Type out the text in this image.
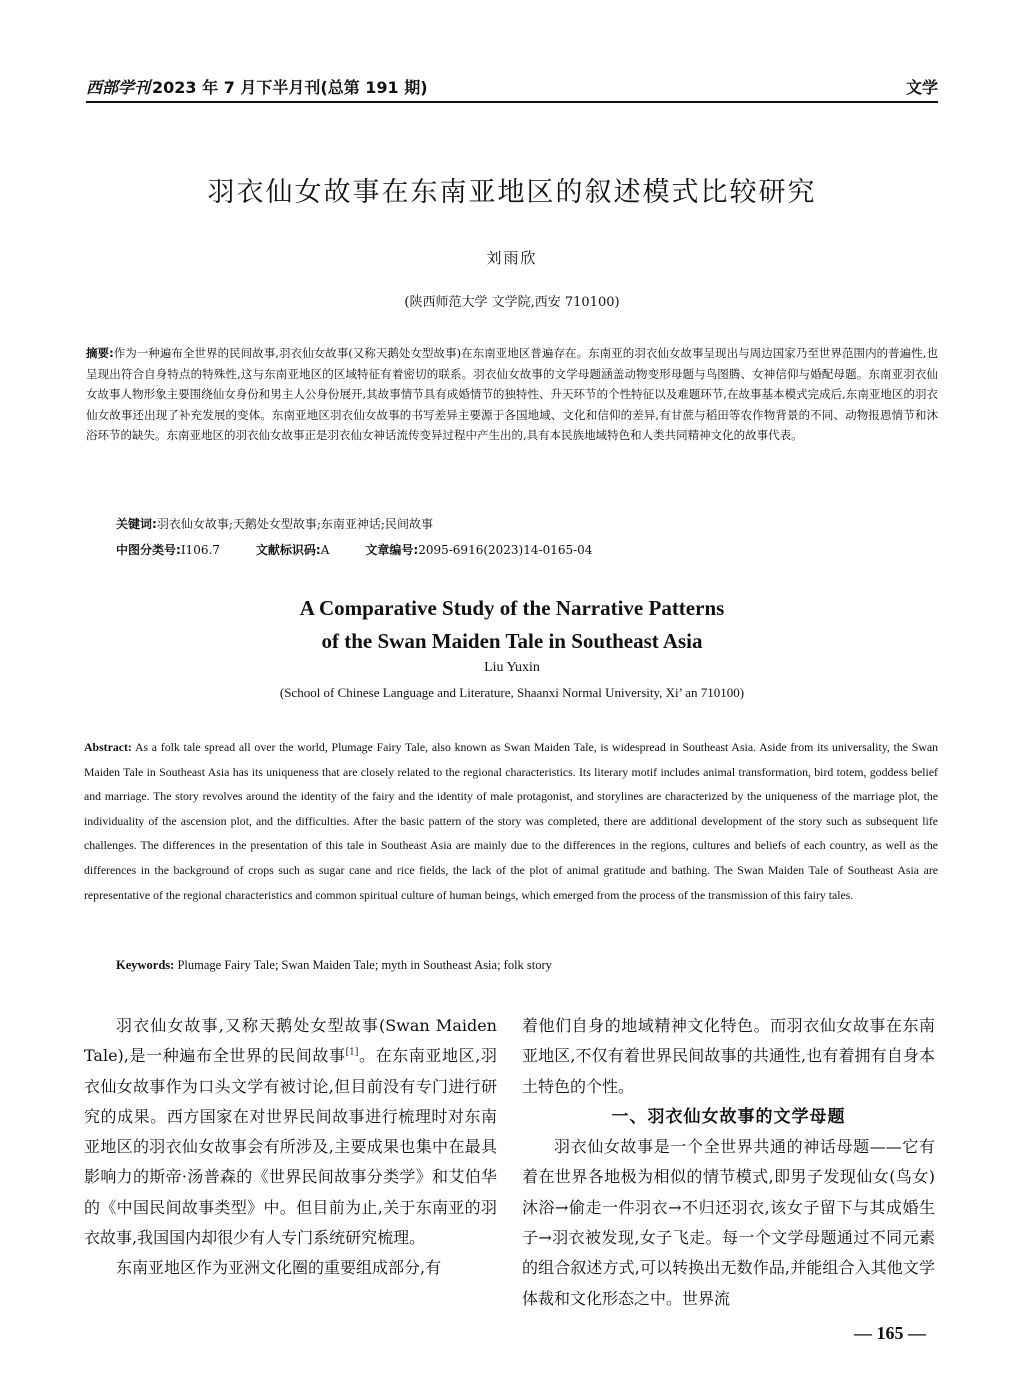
西部学刊 2023 年 7 月下半月刊(总第 191 期)	文学
羽衣仙女故事在东南亚地区的叙述模式比较研究
刘雨欣
(陕西师范大学 文学院,西安 710100)
摘要:作为一种遍布全世界的民间故事,羽衣仙女故事(又称天鹅处女型故事)在东南亚地区普遍存在。东南亚的羽衣仙女故事呈现出与周边国家乃至世界范围内的普遍性,也呈现出符合自身特点的特殊性,这与东南亚地区的区域特征有着密切的联系。羽衣仙女故事的文学母题涵盖动物变形母题与鸟图腾、女神信仰与婚配母题。东南亚羽衣仙女故事人物形象主要围绕仙女身份和男主人公身份展开,其故事情节具有成婚情节的独特性、升天环节的个性特征以及难题环节,在故事基本模式完成后,东南亚地区的羽衣仙女故事还出现了补充发展的变体。东南亚地区羽衣仙女故事的书写差异主要源于各国地域、文化和信仰的差异,有甘蔗与稻田等农作物背景的不同、动物报恩情节和沐浴环节的缺失。东南亚地区的羽衣仙女故事正是羽衣仙女神话流传变异过程中产生出的,具有本民族地域特色和人类共同精神文化的故事代表。
关键词:羽衣仙女故事;天鹅处女型故事;东南亚神话;民间故事
中图分类号:I106.7	文献标识码:A	文章编号:2095-6916(2023)14-0165-04
A Comparative Study of the Narrative Patterns
of the Swan Maiden Tale in Southeast Asia
Liu Yuxin
(School of Chinese Language and Literature, Shaanxi Normal University, Xi’ an 710100)
Abstract: As a folk tale spread all over the world, Plumage Fairy Tale, also known as Swan Maiden Tale, is widespread in Southeast Asia. Aside from its universality, the Swan Maiden Tale in Southeast Asia has its uniqueness that are closely related to the regional characteristics. Its literary motif includes animal transformation, bird totem, goddess belief and marriage. The story revolves around the identity of the fairy and the identity of male protagonist, and storylines are characterized by the uniqueness of the marriage plot, the individuality of the ascension plot, and the difficulties. After the basic pattern of the story was completed, there are additional development of the story such as subsequent life challenges. The differences in the presentation of this tale in Southeast Asia are mainly due to the differences in the regions, cultures and beliefs of each country, as well as the differences in the background of crops such as sugar cane and rice fields, the lack of the plot of animal gratitude and bathing. The Swan Maiden Tale of Southeast Asia are representative of the regional characteristics and common spiritual culture of human beings, which emerged from the process of the transmission of this fairy tales.
Keywords: Plumage Fairy Tale; Swan Maiden Tale; myth in Southeast Asia; folk story

羽衣仙女故事,又称天鹅处女型故事(Swan Maiden Tale),是一种遍布全世界的民间故事[1]。在东南亚地区,羽衣仙女故事作为口头文学有被讨论,但目前没有专门进行研究的成果。西方国家在对世界民间故事进行梳理时对东南亚地区的羽衣仙女故事会有所涉及,主要成果也集中在最具影响力的斯帝·汤普森的《世界民间故事分类学》和艾伯华的《中国民间故事类型》中。但目前为止,关于东南亚的羽衣故事,我国国内却很少有人专门系统研究梳理。

东南亚地区作为亚洲文化圈的重要组成部分,有

着他们自身的地域精神文化特色。而羽衣仙女故事在东南亚地区,不仅有着世界民间故事的共通性,也有着拥有自身本土特色的个性。

一、羽衣仙女故事的文学母题

羽衣仙女故事是一个全世界共通的神话母题——它有着在世界各地极为相似的情节模式,即男子发现仙女(鸟女)沐浴→偷走一件羽衣→不归还羽衣,该女子留下与其成婚生子→羽衣被发现,女子飞走。每一个文学母题通过不同元素的组合叙述方式,可以转换出无数作品,并能组合入其他文学体裁和文化形态之中。世界流

— 165 —
